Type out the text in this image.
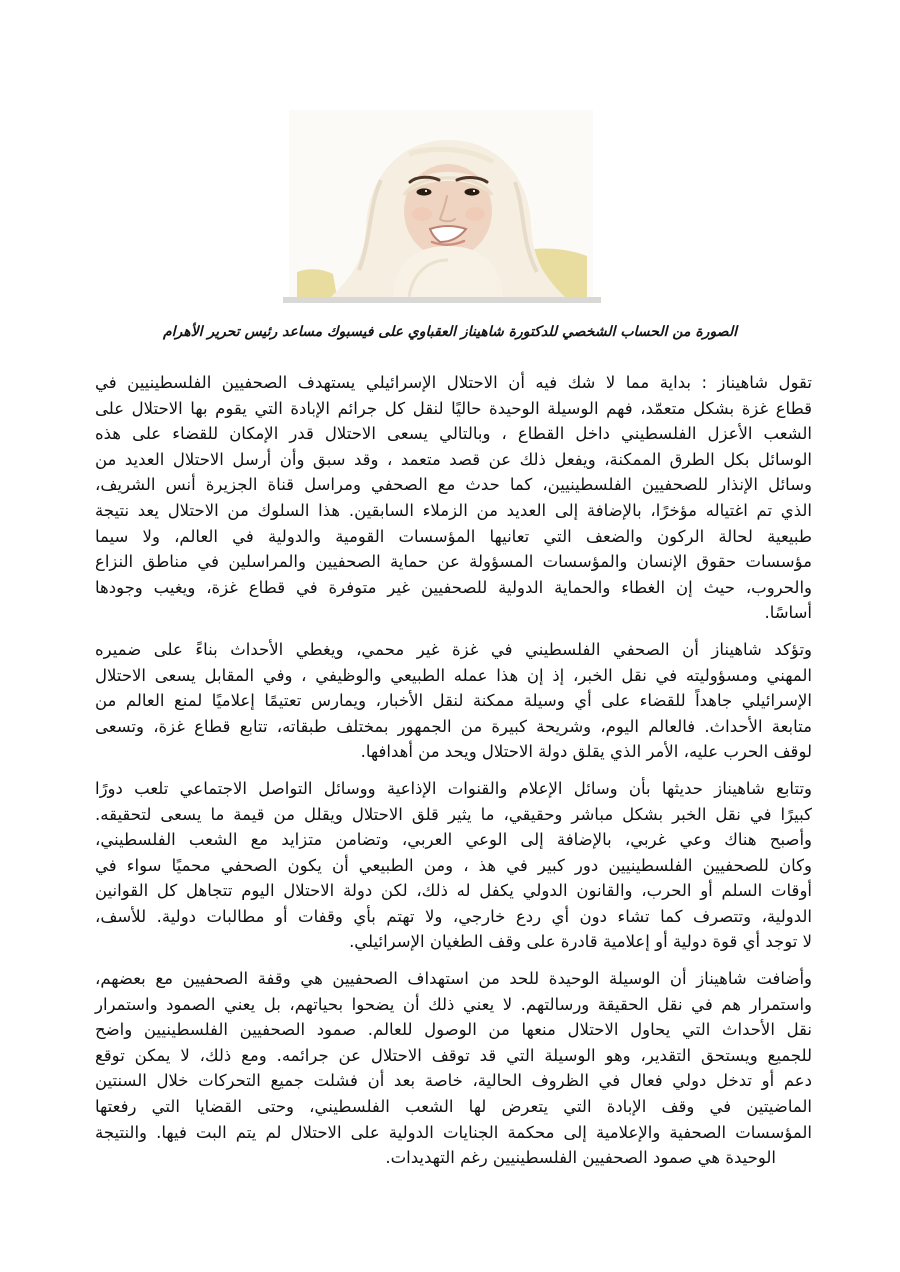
الصورة من الحساب الشخصي للدكتورة شاهيناز العقباوي على فيسبوك مساعد رئيس تحرير الأهرام
تقول شاهيناز : بداية مما لا شك فيه أن الاحتلال الإسرائيلي يستهدف الصحفيين الفلسطينيين في
قطاع غزة بشكل متعمّد، فهم الوسيلة الوحيدة حاليًا لنقل كل جرائم الإبادة التي يقوم بها الاحتلال على
الشعب الأعزل الفلسطيني داخل القطاع ، وبالتالي يسعى الاحتلال قدر الإمكان للقضاء على هذه
الوسائل بكل الطرق الممكنة، ويفعل ذلك عن قصد متعمد ، وقد سبق وأن أرسل الاحتلال العديد من
وسائل الإنذار للصحفيين الفلسطينيين، كما حدث مع الصحفي ومراسل قناة الجزيرة أنس الشريف،
الذي تم اغتياله مؤخرًا، بالإضافة إلى العديد من الزملاء السابقين. هذا السلوك من الاحتلال يعد نتيجة
طبيعية لحالة الركون والضعف التي تعانيها المؤسسات القومية والدولية في العالم، ولا سيما
مؤسسات حقوق الإنسان والمؤسسات المسؤولة عن حماية الصحفيين والمراسلين في مناطق النزاع
والحروب، حيث إن الغطاء والحماية الدولية للصحفيين غير متوفرة في قطاع غزة، ويغيب وجودها
أساسًا.
وتؤكد شاهيناز أن الصحفي الفلسطيني في غزة غير محمي، ويغطي الأحداث بناءً على ضميره
المهني ومسؤوليته في نقل الخبر، إذ إن هذا عمله الطبيعي والوظيفي ، وفي المقابل يسعى الاحتلال
الإسرائيلي جاهداً للقضاء على أي وسيلة ممكنة لنقل الأخبار، ويمارس تعتيمًا إعلاميًا لمنع العالم من
متابعة الأحداث. فالعالم اليوم، وشريحة كبيرة من الجمهور بمختلف طبقاته، تتابع قطاع غزة، وتسعى
لوقف الحرب عليه، الأمر الذي يقلق دولة الاحتلال ويحد من أهدافها.
وتتابع شاهيناز حديثها بأن وسائل الإعلام والقنوات الإذاعية ووسائل التواصل الاجتماعي تلعب دورًا
كبيرًا في نقل الخبر بشكل مباشر وحقيقي، ما يثير قلق الاحتلال ويقلل من قيمة ما يسعى لتحقيقه.
وأصبح هناك وعي غربي، بالإضافة إلى الوعي العربي، وتضامن متزايد مع الشعب الفلسطيني،
وكان للصحفيين الفلسطينيين دور كبير في هذ ، ومن الطبيعي أن يكون الصحفي محميًا سواء في
أوقات السلم أو الحرب، والقانون الدولي يكفل له ذلك، لكن دولة الاحتلال اليوم تتجاهل كل القوانين
الدولية، وتتصرف كما تشاء دون أي ردع خارجي، ولا تهتم بأي وقفات أو مطالبات دولية. للأسف،
لا توجد أي قوة دولية أو إعلامية قادرة على وقف الطغيان الإسرائيلي.
وأضافت شاهيناز أن الوسيلة الوحيدة للحد من استهداف الصحفيين هي وقفة الصحفيين مع بعضهم،
واستمرار هم في نقل الحقيقة ورسالتهم. لا يعني ذلك أن يضحوا بحياتهم، بل يعني الصمود واستمرار
نقل الأحداث التي يحاول الاحتلال منعها من الوصول للعالم. صمود الصحفيين الفلسطينيين واضح
للجميع ويستحق التقدير، وهو الوسيلة التي قد توقف الاحتلال عن جرائمه. ومع ذلك، لا يمكن توقع
دعم أو تدخل دولي فعال في الظروف الحالية، خاصة بعد أن فشلت جميع التحركات خلال السنتين
الماضيتين في وقف الإبادة التي يتعرض لها الشعب الفلسطيني، وحتى القضايا التي رفعتها
المؤسسات الصحفية والإعلامية إلى محكمة الجنايات الدولية على الاحتلال لم يتم البت فيها. والنتيجة
الوحيدة هي صمود الصحفيين الفلسطينيين رغم التهديدات.
